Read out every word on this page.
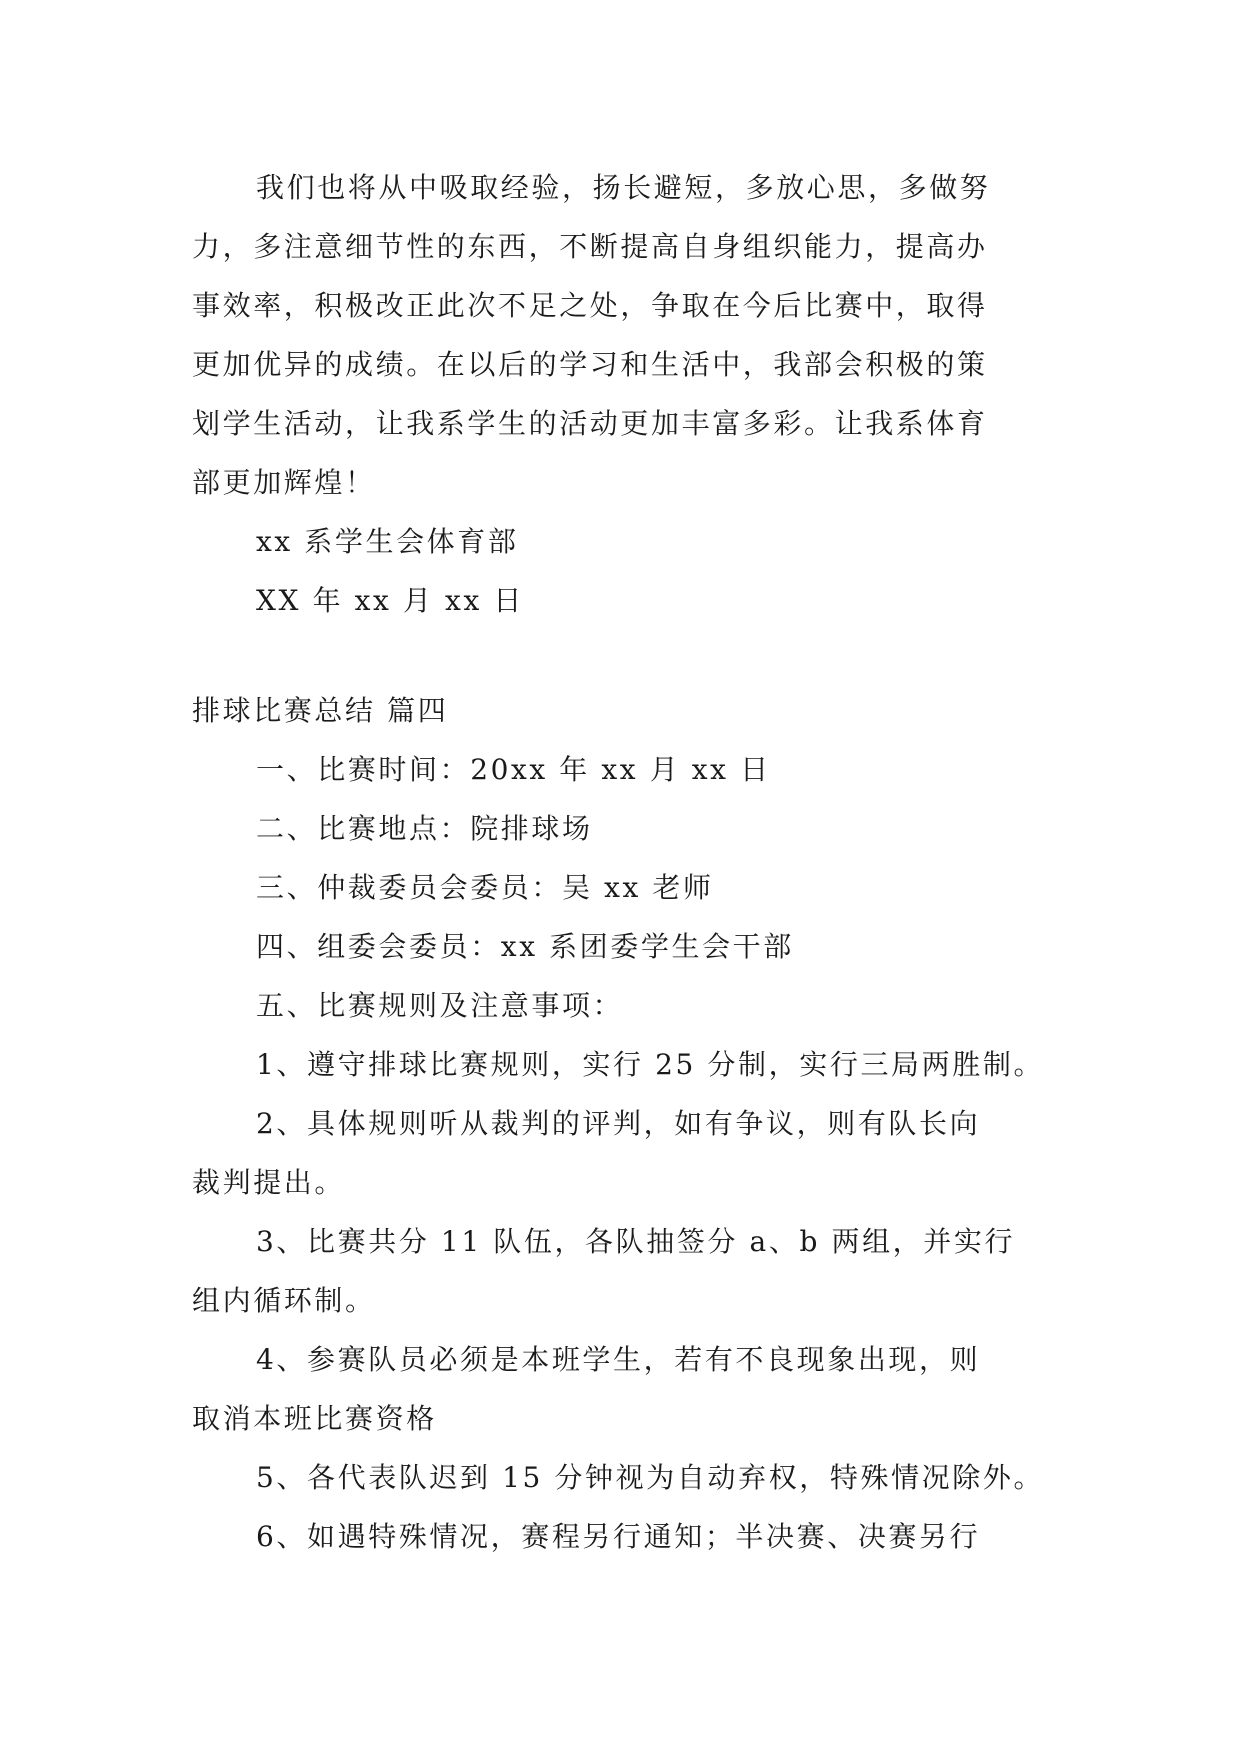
我们也将从中吸取经验，扬长避短，多放心思，多做努
力，多注意细节性的东西，不断提高自身组织能力，提高办
事效率，积极改正此次不足之处，争取在今后比赛中，取得
更加优异的成绩。在以后的学习和生活中，我部会积极的策
划学生活动，让我系学生的活动更加丰富多彩。让我系体育
部更加辉煌！
xx 系学生会体育部
XX 年 xx 月 xx 日
排球比赛总结 篇四
一、比赛时间：20xx 年 xx 月 xx 日
二、比赛地点：院排球场
三、仲裁委员会委员：吴 xx 老师
四、组委会委员：xx 系团委学生会干部
五、比赛规则及注意事项：
1、遵守排球比赛规则，实行 25 分制，实行三局两胜制。
2、具体规则听从裁判的评判，如有争议，则有队长向
裁判提出。
3、比赛共分 11 队伍，各队抽签分 a、b 两组，并实行
组内循环制。
4、参赛队员必须是本班学生，若有不良现象出现，则
取消本班比赛资格
5、各代表队迟到 15 分钟视为自动弃权，特殊情况除外。
6、如遇特殊情况，赛程另行通知；半决赛、决赛另行
